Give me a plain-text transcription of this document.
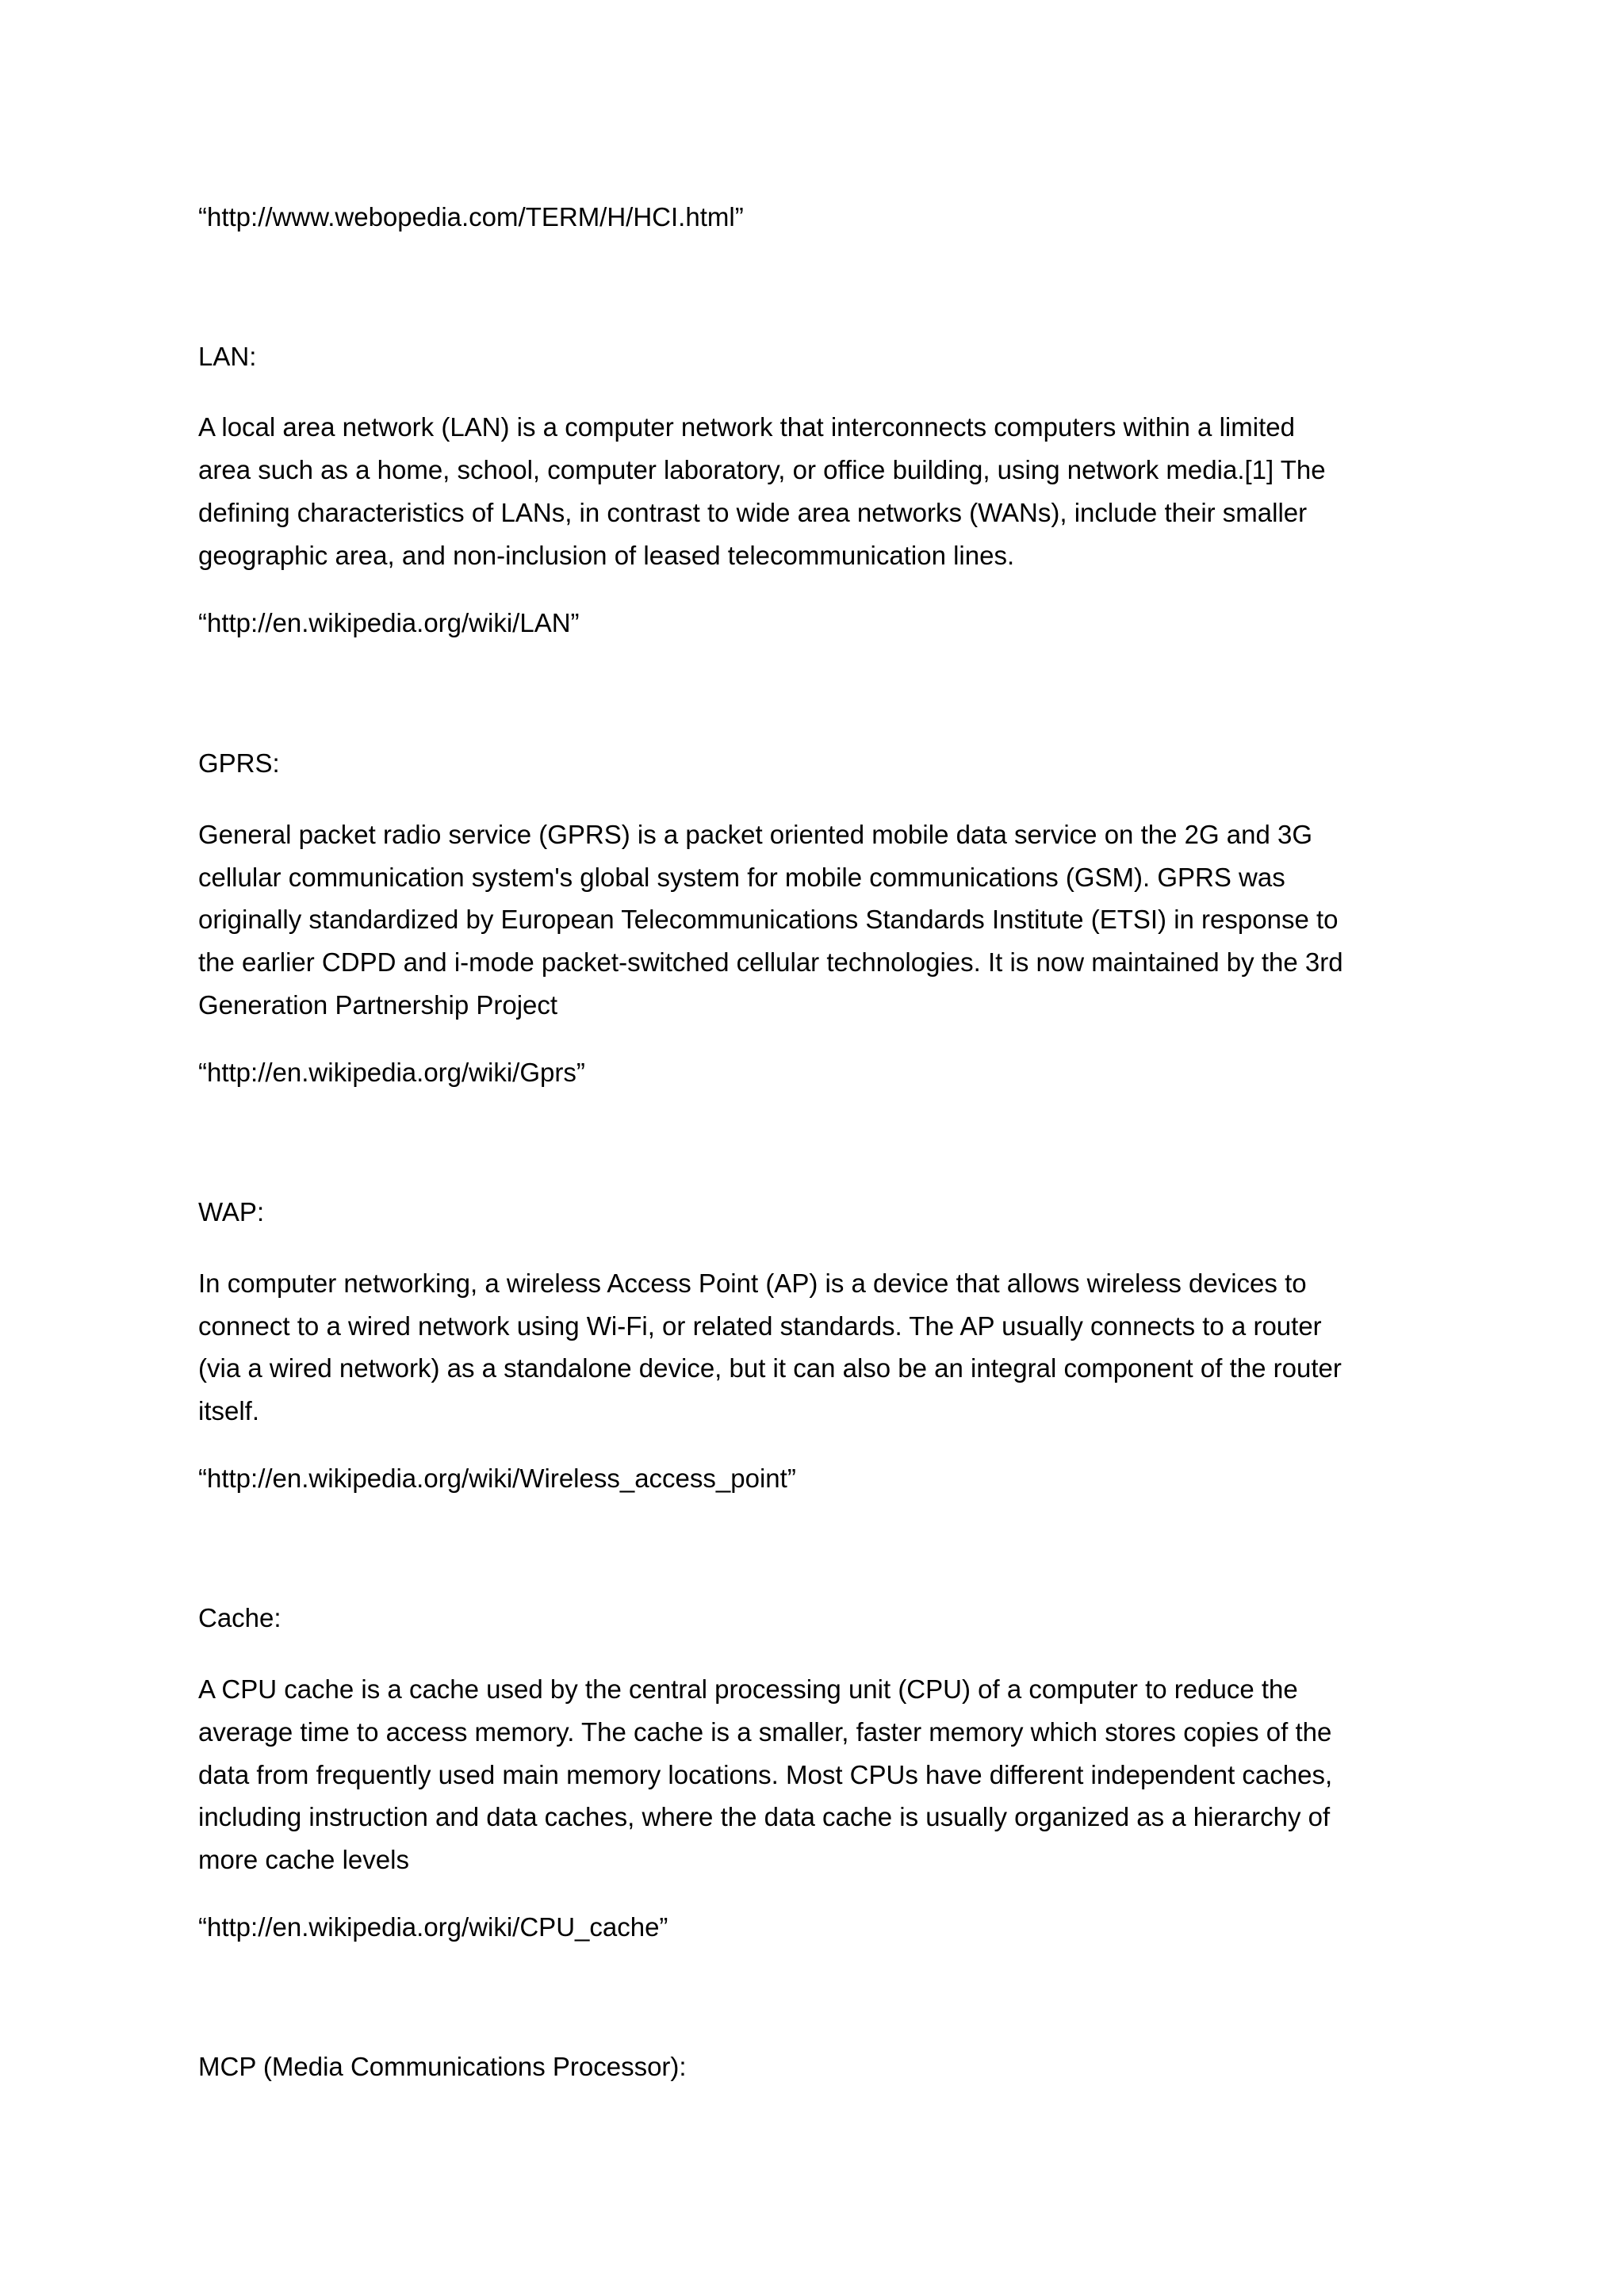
“http://www.webopedia.com/TERM/H/HCI.html”

LAN:

A local area network (LAN) is a computer network that interconnects computers within a limited

area such as a home, school, computer laboratory, or office building, using network media.[1] The

defining characteristics of LANs, in contrast to wide area networks (WANs), include their smaller

geographic area, and non-inclusion of leased telecommunication lines.

“http://en.wikipedia.org/wiki/LAN”

GPRS:

General packet radio service (GPRS) is a packet oriented mobile data service on the 2G and 3G

cellular communication system's global system for mobile communications (GSM). GPRS was

originally standardized by European Telecommunications Standards Institute (ETSI) in response to

the earlier CDPD and i-mode packet-switched cellular technologies. It is now maintained by the 3rd

Generation Partnership Project

“http://en.wikipedia.org/wiki/Gprs”

WAP:

In computer networking, a wireless Access Point (AP) is a device that allows wireless devices to

connect to a wired network using Wi-Fi, or related standards. The AP usually connects to a router

(via a wired network) as a standalone device, but it can also be an integral component of the router

itself.

“http://en.wikipedia.org/wiki/Wireless_access_point”

Cache:

A CPU cache is a cache used by the central processing unit (CPU) of a computer to reduce the

average time to access memory. The cache is a smaller, faster memory which stores copies of the

data from frequently used main memory locations. Most CPUs have different independent caches,

including instruction and data caches, where the data cache is usually organized as a hierarchy of

more cache levels

“http://en.wikipedia.org/wiki/CPU_cache”

MCP (Media Communications Processor):
